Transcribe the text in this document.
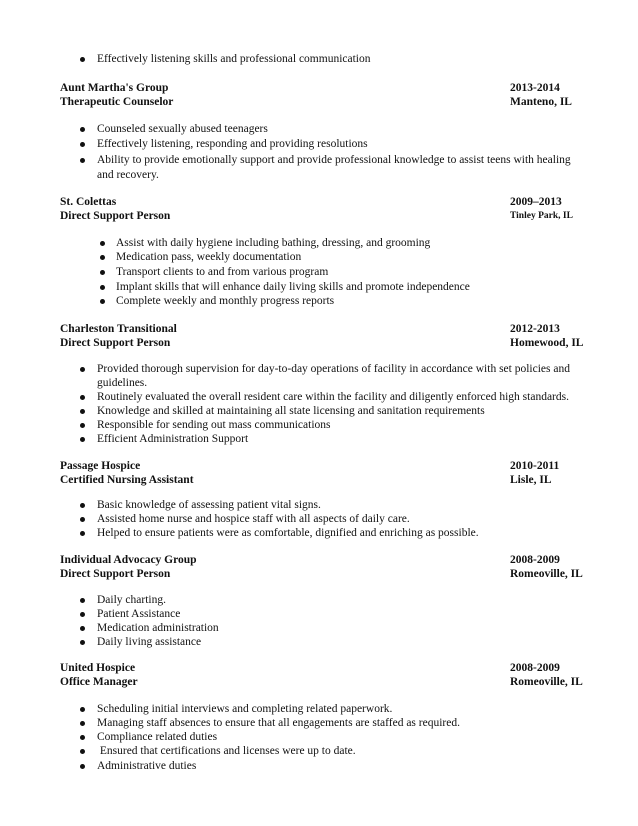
Effectively listening skills and professional communication
Aunt Martha's Group	2013-2014
Therapeutic Counselor	Manteno, IL
Counseled sexually abused teenagers
Effectively listening, responding and providing resolutions
Ability to provide emotionally support and provide professional knowledge to assist teens with healing
and recovery.
St. Colettas	2009–2013
Direct Support Person	Tinley Park, IL
Assist with daily hygiene including bathing, dressing, and grooming
Medication pass, weekly documentation
Transport clients to and from various program
Implant skills that will enhance daily living skills and promote independence
Complete weekly and monthly progress reports
Charleston Transitional	2012-2013
Direct Support Person	Homewood, IL
Provided thorough supervision for day-to-day operations of facility in accordance with set policies and
guidelines.
Routinely evaluated the overall resident care within the facility and diligently enforced high standards.
Knowledge and skilled at maintaining all state licensing and sanitation requirements
Responsible for sending out mass communications
Efficient Administration Support
Passage Hospice	2010-2011
Certified Nursing Assistant	Lisle, IL
Basic knowledge of assessing patient vital signs.
Assisted home nurse and hospice staff with all aspects of daily care.
Helped to ensure patients were as comfortable, dignified and enriching as possible.
Individual Advocacy Group	2008-2009
Direct Support Person	Romeoville, IL
Daily charting.
Patient Assistance
Medication administration
Daily living assistance
United Hospice	2008-2009
Office Manager	Romeoville, IL
Scheduling initial interviews and completing related paperwork.
Managing staff absences to ensure that all engagements are staffed as required.
Compliance related duties
Ensured that certifications and licenses were up to date.
Administrative duties
